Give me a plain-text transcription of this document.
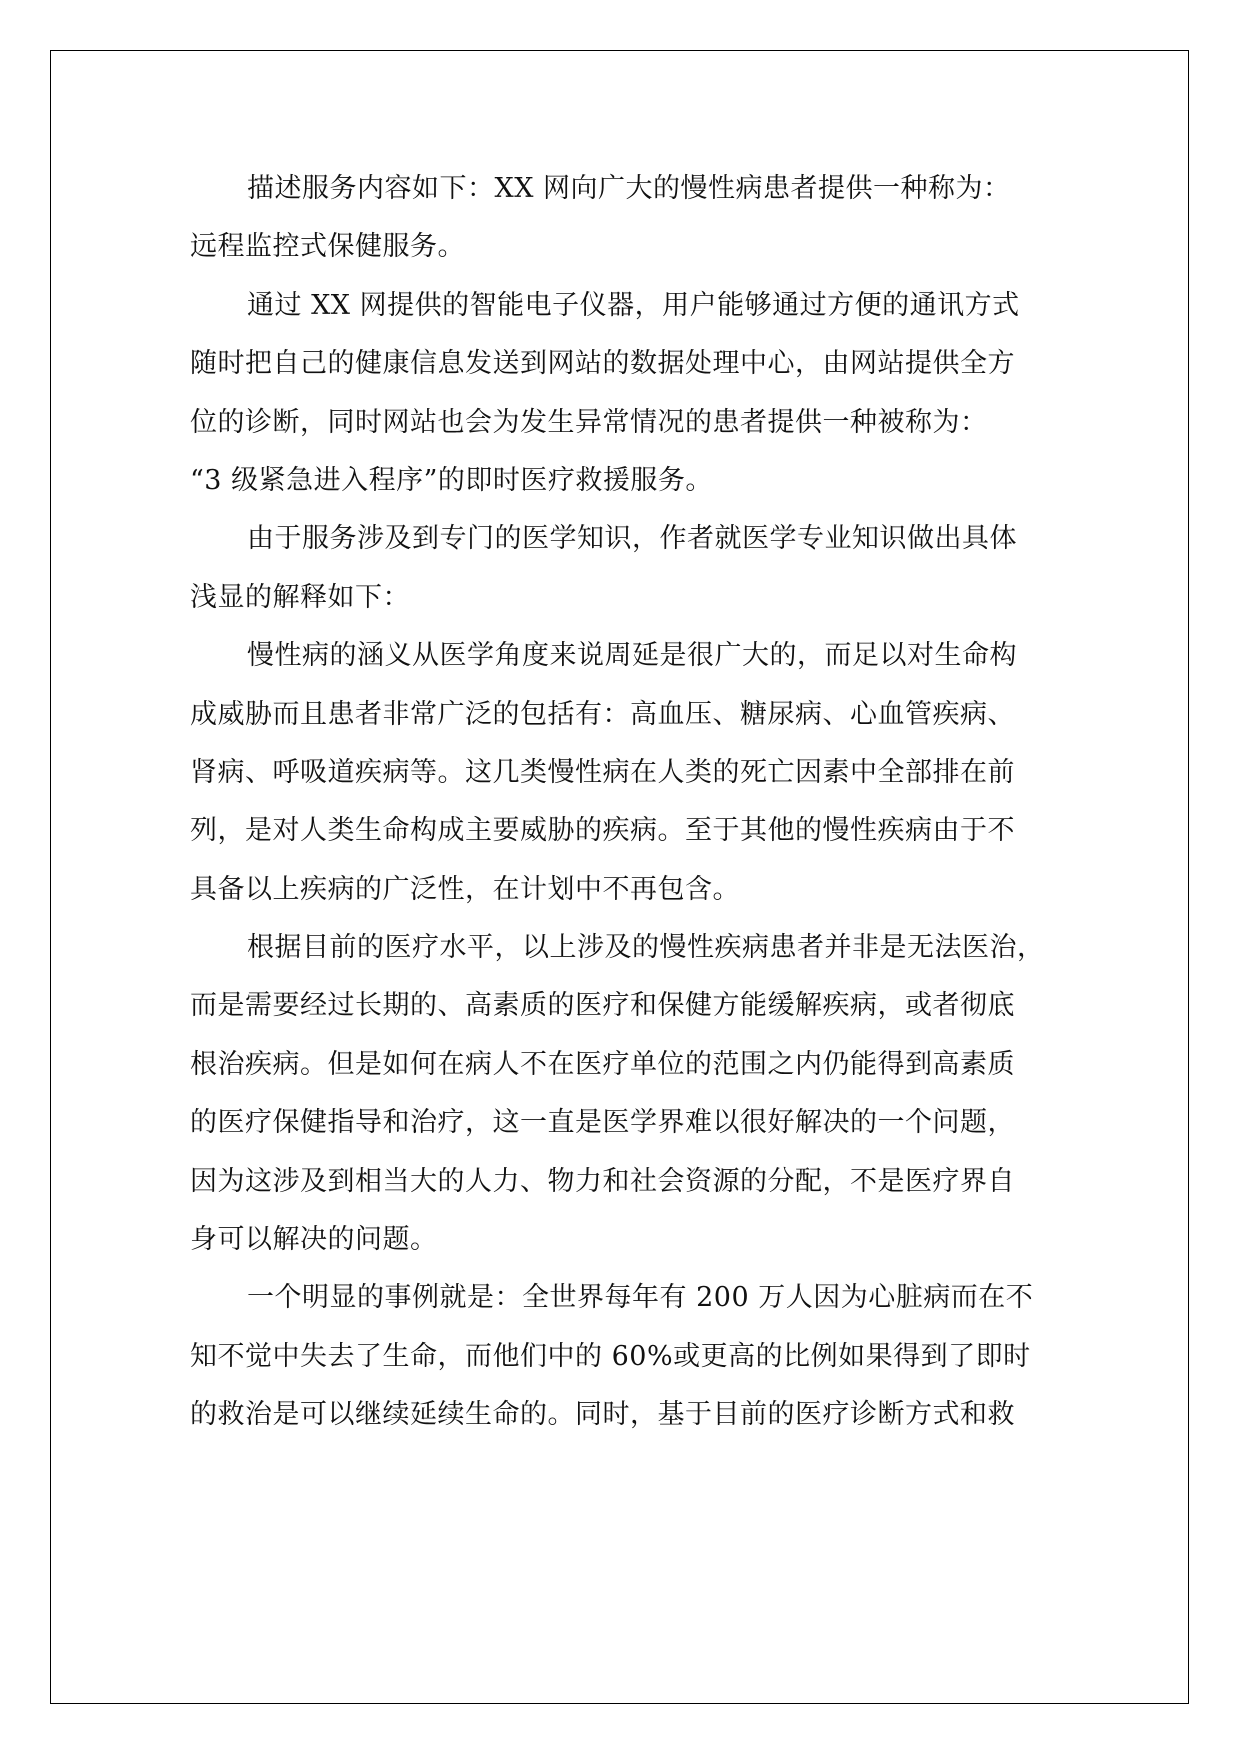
描述服务内容如下：XX 网向广大的慢性病患者提供一种称为：
远程监控式保健服务。
通过 XX 网提供的智能电子仪器，用户能够通过方便的通讯方式
随时把自己的健康信息发送到网站的数据处理中心，由网站提供全方
位的诊断，同时网站也会为发生异常情况的患者提供一种被称为：
“3 级紧急进入程序”的即时医疗救援服务。
由于服务涉及到专门的医学知识，作者就医学专业知识做出具体
浅显的解释如下：
慢性病的涵义从医学角度来说周延是很广大的，而足以对生命构
成威胁而且患者非常广泛的包括有：高血压、糖尿病、心血管疾病、
肾病、呼吸道疾病等。这几类慢性病在人类的死亡因素中全部排在前
列，是对人类生命构成主要威胁的疾病。至于其他的慢性疾病由于不
具备以上疾病的广泛性，在计划中不再包含。
根据目前的医疗水平，以上涉及的慢性疾病患者并非是无法医治，
而是需要经过长期的、高素质的医疗和保健方能缓解疾病，或者彻底
根治疾病。但是如何在病人不在医疗单位的范围之内仍能得到高素质
的医疗保健指导和治疗，这一直是医学界难以很好解决的一个问题，
因为这涉及到相当大的人力、物力和社会资源的分配，不是医疗界自
身可以解决的问题。
一个明显的事例就是：全世界每年有 200 万人因为心脏病而在不
知不觉中失去了生命，而他们中的 60%或更高的比例如果得到了即时
的救治是可以继续延续生命的。同时，基于目前的医疗诊断方式和救
